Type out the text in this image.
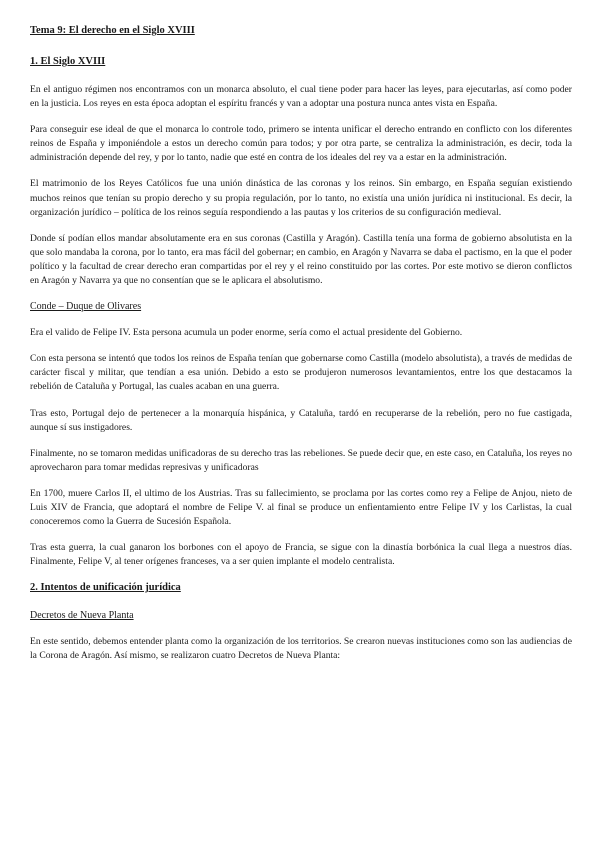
Tema 9: El derecho en el Siglo XVIII
1. El Siglo XVIII

En el antiguo régimen nos encontramos con un monarca absoluto, el cual tiene poder para hacer las leyes, para ejecutarlas, así como poder en la justicia. Los reyes en esta época adoptan el espíritu francés y van a adoptar una postura nunca antes vista en España.

Para conseguir ese ideal de que el monarca lo controle todo, primero se intenta unificar el derecho entrando en conflicto con los diferentes reinos de España y imponiéndole a estos un derecho común para todos; y por otra parte, se centraliza la administración, es decir, toda la administración depende del rey, y por lo tanto, nadie que esté en contra de los ideales del rey va a estar en la administración.

El matrimonio de los Reyes Católicos fue una unión dinástica de las coronas y los reinos. Sin embargo, en España seguían existiendo muchos reinos que tenían su propio derecho y su propia regulación, por lo tanto, no existía una unión jurídica ni institucional. Es decir, la organización jurídico – política de los reinos seguía respondiendo a las pautas y los criterios de su configuración medieval.

Donde sí podían ellos mandar absolutamente era en sus coronas (Castilla y Aragón). Castilla tenía una forma de gobierno absolutista en la que solo mandaba la corona, por lo tanto, era mas fácil del gobernar; en cambio, en Aragón y Navarra se daba el pactismo, en la que el poder político y la facultad de crear derecho eran compartidas por el rey y el reino constituido por las cortes. Por este motivo se dieron conflictos en Aragón y Navarra ya que no consentían que se le aplicara el absolutismo.

Conde – Duque de Olivares

Era el valido de Felipe IV. Esta persona acumula un poder enorme, sería como el actual presidente del Gobierno.

Con esta persona se intentó que todos los reinos de España tenían que gobernarse como Castilla (modelo absolutista), a través de medidas de carácter fiscal y militar, que tendían a esa unión. Debido a esto se produjeron numerosos levantamientos, entre los que destacamos la rebelión de Cataluña y Portugal, las cuales acaban en una guerra.

Tras esto, Portugal dejo de pertenecer a la monarquía hispánica, y Cataluña, tardó en recuperarse de la rebelión, pero no fue castigada, aunque sí sus instigadores.

Finalmente, no se tomaron medidas unificadoras de su derecho tras las rebeliones. Se puede decir que, en este caso, en Cataluña, los reyes no aprovecharon para tomar medidas represivas y unificadoras

En 1700, muere Carlos II, el ultimo de los Austrias. Tras su fallecimiento, se proclama por las cortes como rey a Felipe de Anjou, nieto de Luis XIV de Francia, que adoptará el nombre de Felipe V. al final se produce un enfientamiento entre Felipe IV y los Carlistas, la cual conoceremos como la Guerra de Sucesión Española.

Tras esta guerra, la cual ganaron los borbones con el apoyo de Francia, se sigue con la dinastía borbónica la cual llega a nuestros días. Finalmente, Felipe V, al tener orígenes franceses, va a ser quien implante el modelo centralista.

2. Intentos de unificación jurídica
Decretos de Nueva Planta

En este sentido, debemos entender planta como la organización de los territorios. Se crearon nuevas instituciones como son las audiencias de la Corona de Aragón. Así mismo, se realizaron cuatro Decretos de Nueva Planta:
